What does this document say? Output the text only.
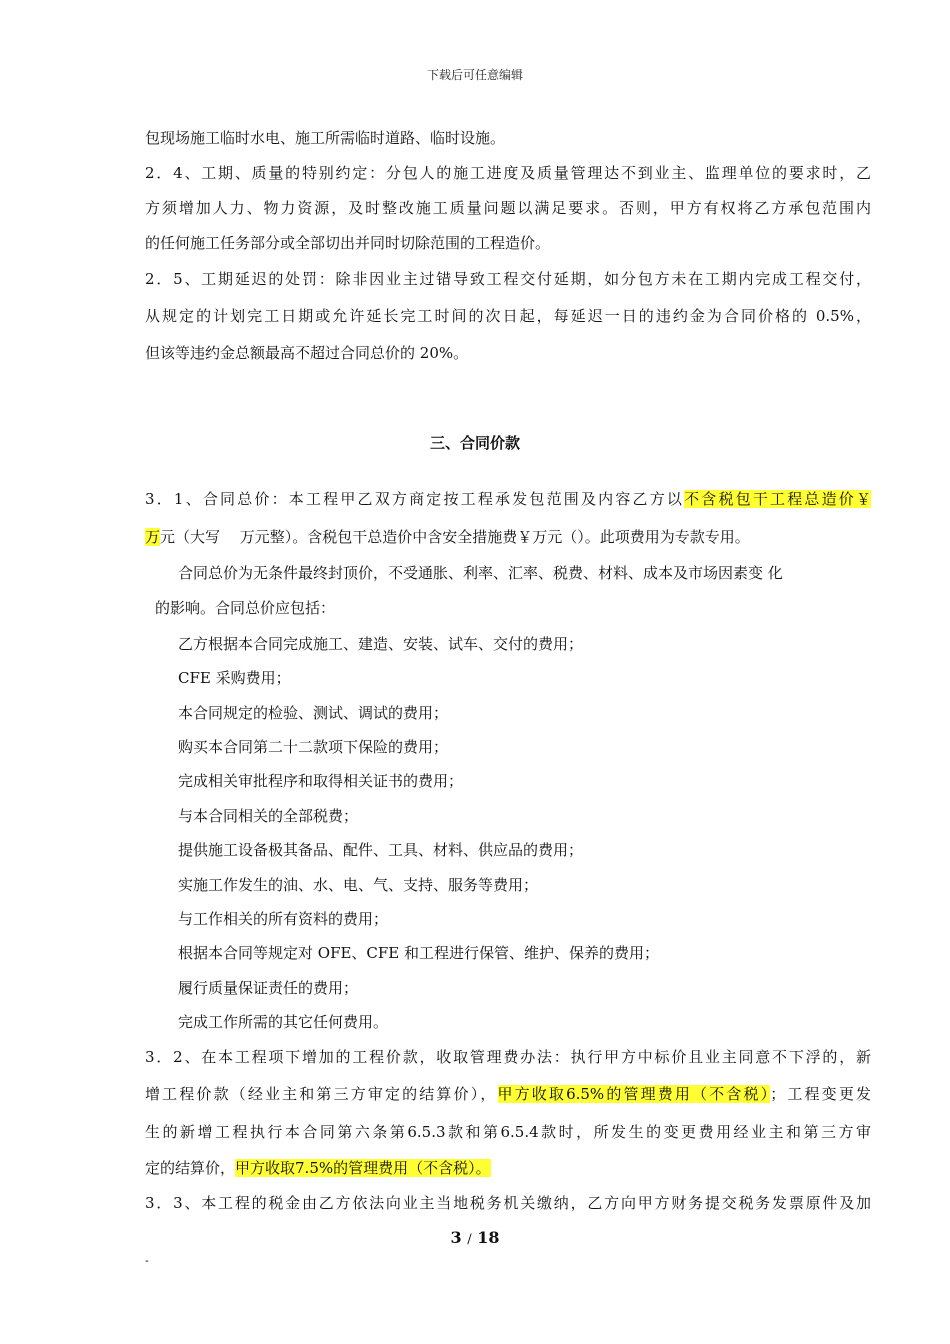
下载后可任意编辑
包现场施工临时水电、施工所需临时道路、临时设施。
2．4、工期、质量的特别约定：分包人的施工进度及质量管理达不到业主、监理单位的要求时，乙
方须增加人力、物力资源，及时整改施工质量问题以满足要求。否则，甲方有权将乙方承包范围内
的任何施工任务部分或全部切出并同时切除范围的工程造价。
2．5、工期延迟的处罚：除非因业主过错导致工程交付延期，如分包方未在工期内完成工程交付，
从规定的计划完工日期或允许延长完工时间的次日起，每延迟一日的违约金为合同价格的 0.5%，
但该等违约金总额最高不超过合同总价的 20%。
三、合同价款
3．1、合同总价：本工程甲乙双方商定按工程承发包范围及内容乙方以不含税包干工程总造价￥
万元（大写　 万元整）。含税包干总造价中含安全措施费￥万元（）。此项费用为专款专用。
合同总价为无条件最终封顶价，不受通胀、利率、汇率、税费、材料、成本及市场因素变 化
的影响。合同总价应包括：
乙方根据本合同完成施工、建造、安装、试车、交付的费用；
CFE 采购费用；
本合同规定的检验、测试、调试的费用；
购买本合同第二十二款项下保险的费用；
完成相关审批程序和取得相关证书的费用；
与本合同相关的全部税费；
提供施工设备极其备品、配件、工具、材料、供应品的费用；
实施工作发生的油、水、电、气、支持、服务等费用；
与工作相关的所有资料的费用；
根据本合同等规定对 OFE、CFE 和工程进行保管、维护、保养的费用；
履行质量保证责任的费用；
完成工作所需的其它任何费用。
3．2、在本工程项下增加的工程价款，收取管理费办法：执行甲方中标价且业主同意不下浮的，新
增工程价款（经业主和第三方审定的结算价），甲方收取6.5%的管理费用（不含税）；工程变更发
生的新增工程执行本合同第六条第6.5.3款和第6.5.4款时，所发生的变更费用经业主和第三方审
定的结算价，甲方收取7.5%的管理费用（不含税）。
3．3、本工程的税金由乙方依法向业主当地税务机关缴纳，乙方向甲方财务提交税务发票原件及加
3 / 18
-
